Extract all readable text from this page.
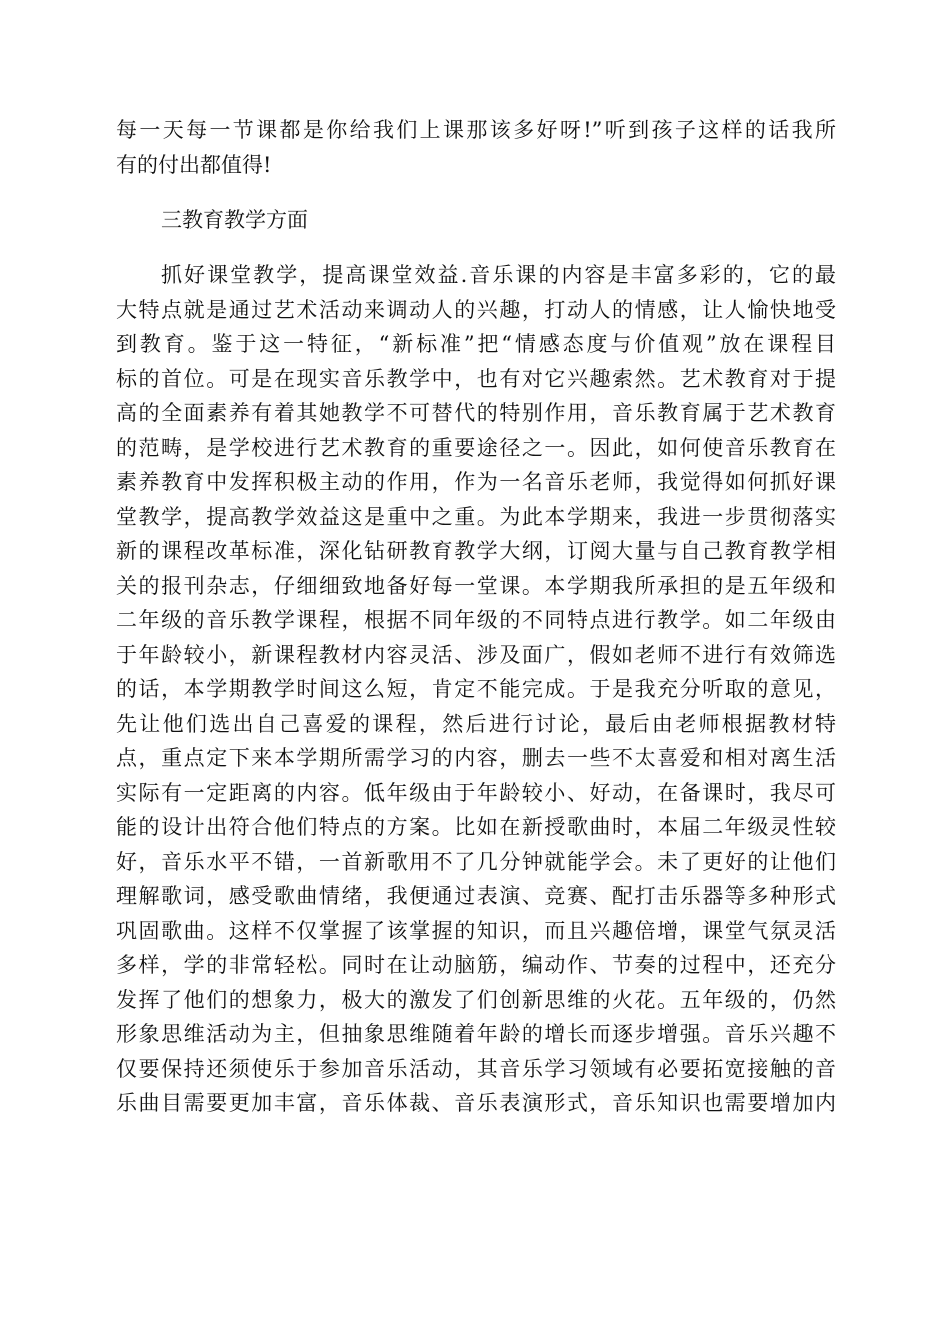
每一天每一节课都是你给我们上课那该多好呀!”听到孩子这样的话我所
有的付出都值得!
三教育教学方面
抓好课堂教学，提高课堂效益.音乐课的内容是丰富多彩的，它的最
大特点就是通过艺术活动来调动人的兴趣，打动人的情感，让人愉快地受
到教育。鉴于这一特征，“新标准”把“情感态度与价值观”放在课程目
标的首位。可是在现实音乐教学中，也有对它兴趣索然。艺术教育对于提
高的全面素养有着其她教学不可替代的特别作用，音乐教育属于艺术教育
的范畴，是学校进行艺术教育的重要途径之一。因此，如何使音乐教育在
素养教育中发挥积极主动的作用，作为一名音乐老师，我觉得如何抓好课
堂教学，提高教学效益这是重中之重。为此本学期来，我进一步贯彻落实
新的课程改革标准，深化钻研教育教学大纲，订阅大量与自己教育教学相
关的报刊杂志，仔细细致地备好每一堂课。本学期我所承担的是五年级和
二年级的音乐教学课程，根据不同年级的不同特点进行教学。如二年级由
于年龄较小，新课程教材内容灵活、涉及面广，假如老师不进行有效筛选
的话，本学期教学时间这么短，肯定不能完成。于是我充分听取的意见，
先让他们选出自己喜爱的课程，然后进行讨论，最后由老师根据教材特
点，重点定下来本学期所需学习的内容，删去一些不太喜爱和相对离生活
实际有一定距离的内容。低年级由于年龄较小、好动，在备课时，我尽可
能的设计出符合他们特点的方案。比如在新授歌曲时，本届二年级灵性较
好，音乐水平不错，一首新歌用不了几分钟就能学会。未了更好的让他们
理解歌词，感受歌曲情绪，我便通过表演、竞赛、配打击乐器等多种形式
巩固歌曲。这样不仅掌握了该掌握的知识，而且兴趣倍增，课堂气氛灵活
多样，学的非常轻松。同时在让动脑筋，编动作、节奏的过程中，还充分
发挥了他们的想象力，极大的激发了们创新思维的火花。五年级的，仍然
形象思维活动为主，但抽象思维随着年龄的增长而逐步增强。音乐兴趣不
仅要保持还须使乐于参加音乐活动，其音乐学习领域有必要拓宽接触的音
乐曲目需要更加丰富，音乐体裁、音乐表演形式，音乐知识也需要增加内
